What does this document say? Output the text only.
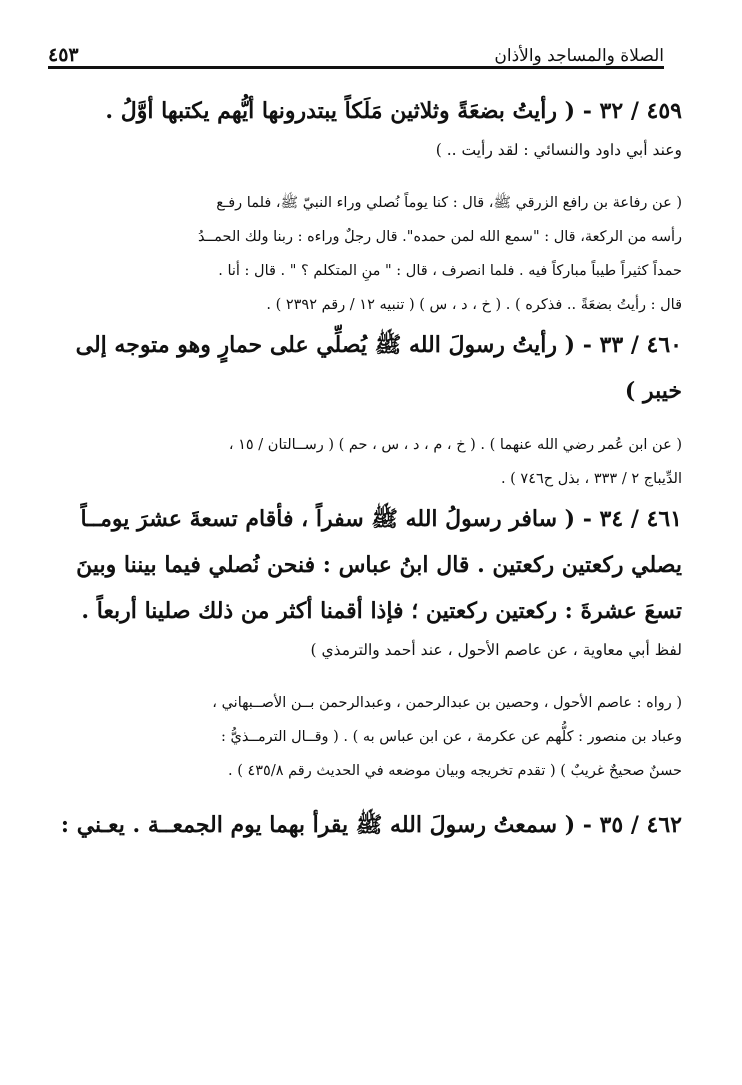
الصلاة والمساجد والأذان
٤٥٣

٤٥٩ / ٣٢ - ( رأيتُ بضعَةً وثلاثين مَلَكاً يبتدرونها أيُّهم يكتبها أوَّلُ .

وعند أبي داود والنسائي : لقد رأيت .. )

( عن رفاعة بن رافع الزرقي ﷺ، قال : كنا يوماً نُصلي وراء النبيّ ﷺ، فلما رفـع

رأسه من الركعة، قال : "سمع الله لمن حمده". قال رجلٌ وراءه : ربنا ولك الحمــدُ

حمداً كثيراً طيباً مباركاً فيه . فلما انصرف ، قال : " منِ المتكلم ؟ " . قال : أنا .

قال : رأيتُ بضعَةً .. فذكره ) . ( خ ، د ، س ) ( تنبيه ١٢ / رقم ٢٣٩٢ ) .

٤٦٠ / ٣٣ - ( رأيتُ رسولَ الله ﷺ يُصلِّي على حمارٍ وهو متوجه إلى

خيبر )

( عن ابن عُمر رضي الله عنهما ) . ( خ ، م ، د ، س ، حم ) ( رســالتان / ١٥ ،

الدِّيباج ٢ / ٣٣٣ ، بذل ح٧٤٦ ) .

٤٦١ / ٣٤ - ( سافر رسولُ الله ﷺ سفراً ، فأقام تسعةَ عشرَ يومــاً

يصلي ركعتين ركعتين . قال ابنُ عباس : فنحن نُصلي فيما بيننا وبينَ

تسعَ عشرةَ : ركعتين ركعتين ؛ فإذا أقمنا أكثر من ذلك صلينا أربعاً .

لفظ أبي معاوية ، عن عاصم الأحول ، عند أحمد والترمذي )

( رواه : عاصم الأحول ، وحصين بن عبدالرحمن ، وعبدالرحمن بــن الأصــبهاني ،

وعباد بن منصور : كلُّهم عن عكرمة ، عن ابن عباس به ) . ( وقــال الترمــذيُّ :

حسنٌ صحيحٌ غريبٌ ) ( تقدم تخريجه وبيان موضعه في الحديث رقم ٤٣٥/٨ ) .

٤٦٢ / ٣٥ - ( سمعتُ رسولَ الله ﷺ يقرأ بهما يوم الجمعــة . يعـني :
